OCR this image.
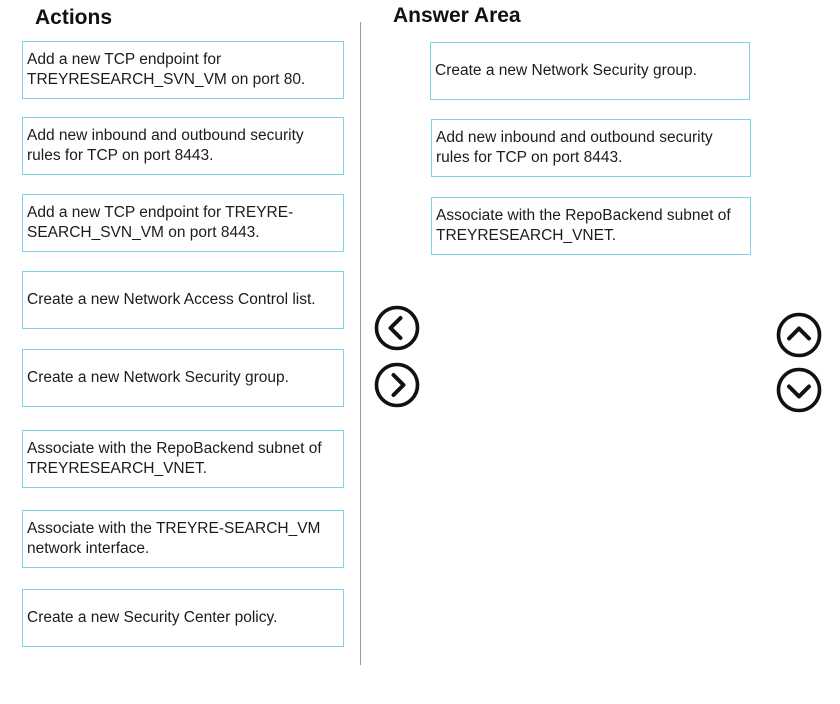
Actions	Answer Area
Add a new TCP endpoint for TREYRESEARCH_SVN_VM on port 80.
Add new inbound and outbound security rules for TCP on port 8443.
Add a new TCP endpoint for TREYRE-SEARCH_SVN_VM on port 8443.
Create a new Network Access Control list.
Create a new Network Security group.
Associate with the RepoBackend subnet of TREYRESEARCH_VNET.
Associate with the TREYRE-SEARCH_VM network interface.
Create a new Security Center policy.
Create a new Network Security group.
Add new inbound and outbound security rules for TCP on port 8443.
Associate with the RepoBackend subnet of TREYRESEARCH_VNET.
